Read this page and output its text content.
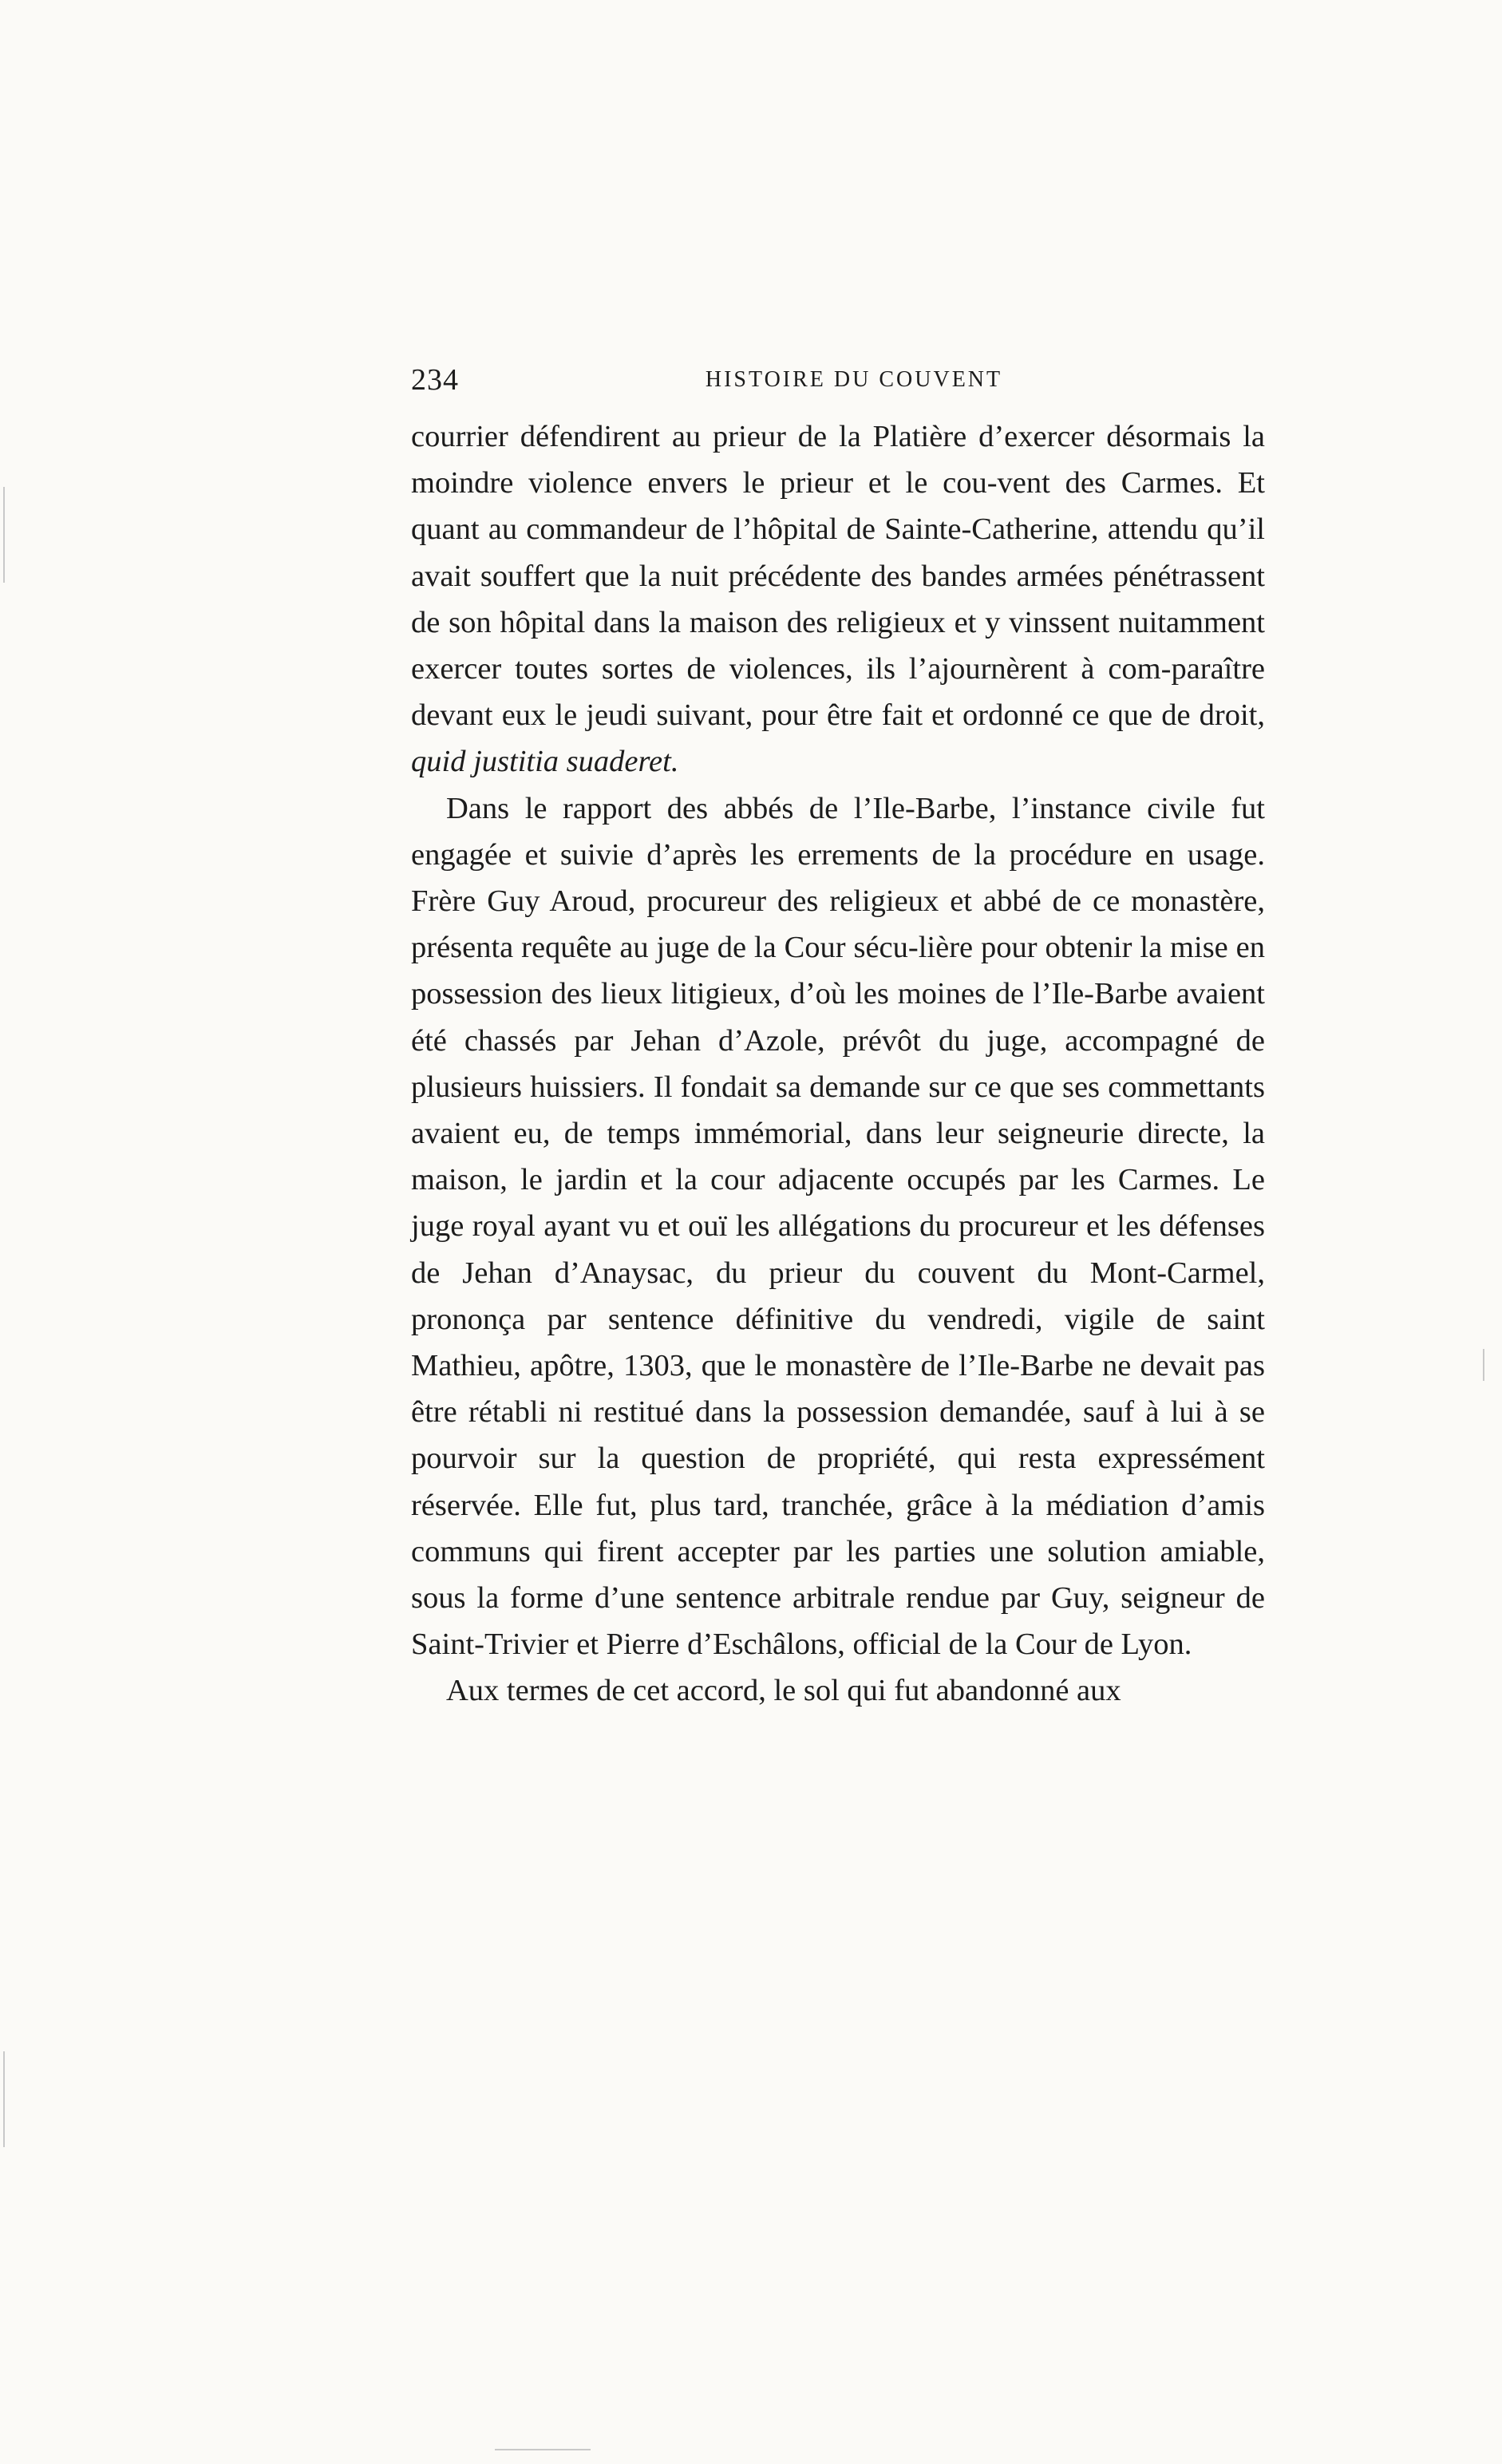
234	HISTOIRE DU COUVENT

courrier défendirent au prieur de la Platière d’exercer désormais la moindre violence envers le prieur et le cou-vent des Carmes. Et quant au commandeur de l’hôpital de Sainte-Catherine, attendu qu’il avait souffert que la nuit précédente des bandes armées pénétrassent de son hôpital dans la maison des religieux et y vinssent nuitamment exercer toutes sortes de violences, ils l’ajournèrent à com-paraître devant eux le jeudi suivant, pour être fait et ordonné ce que de droit, quid justitia suaderet.

Dans le rapport des abbés de l’Ile-Barbe, l’instance civile fut engagée et suivie d’après les errements de la procédure en usage. Frère Guy Aroud, procureur des religieux et abbé de ce monastère, présenta requête au juge de la Cour sécu-lière pour obtenir la mise en possession des lieux litigieux, d’où les moines de l’Ile-Barbe avaient été chassés par Jehan d’Azole, prévôt du juge, accompagné de plusieurs huissiers. Il fondait sa demande sur ce que ses commettants avaient eu, de temps immémorial, dans leur seigneurie directe, la maison, le jardin et la cour adjacente occupés par les Carmes. Le juge royal ayant vu et ouï les allégations du procureur et les défenses de Jehan d’Anaysac, du prieur du couvent du Mont-Carmel, prononça par sentence définitive du vendredi, vigile de saint Mathieu, apôtre, 1303, que le monastère de l’Ile-Barbe ne devait pas être rétabli ni restitué dans la possession demandée, sauf à lui à se pourvoir sur la question de propriété, qui resta expressément réservée. Elle fut, plus tard, tranchée, grâce à la médiation d’amis communs qui firent accepter par les parties une solution amiable, sous la forme d’une sentence arbitrale rendue par Guy, seigneur de Saint-Trivier et Pierre d’Eschâlons, official de la Cour de Lyon.

Aux termes de cet accord, le sol qui fut abandonné aux
